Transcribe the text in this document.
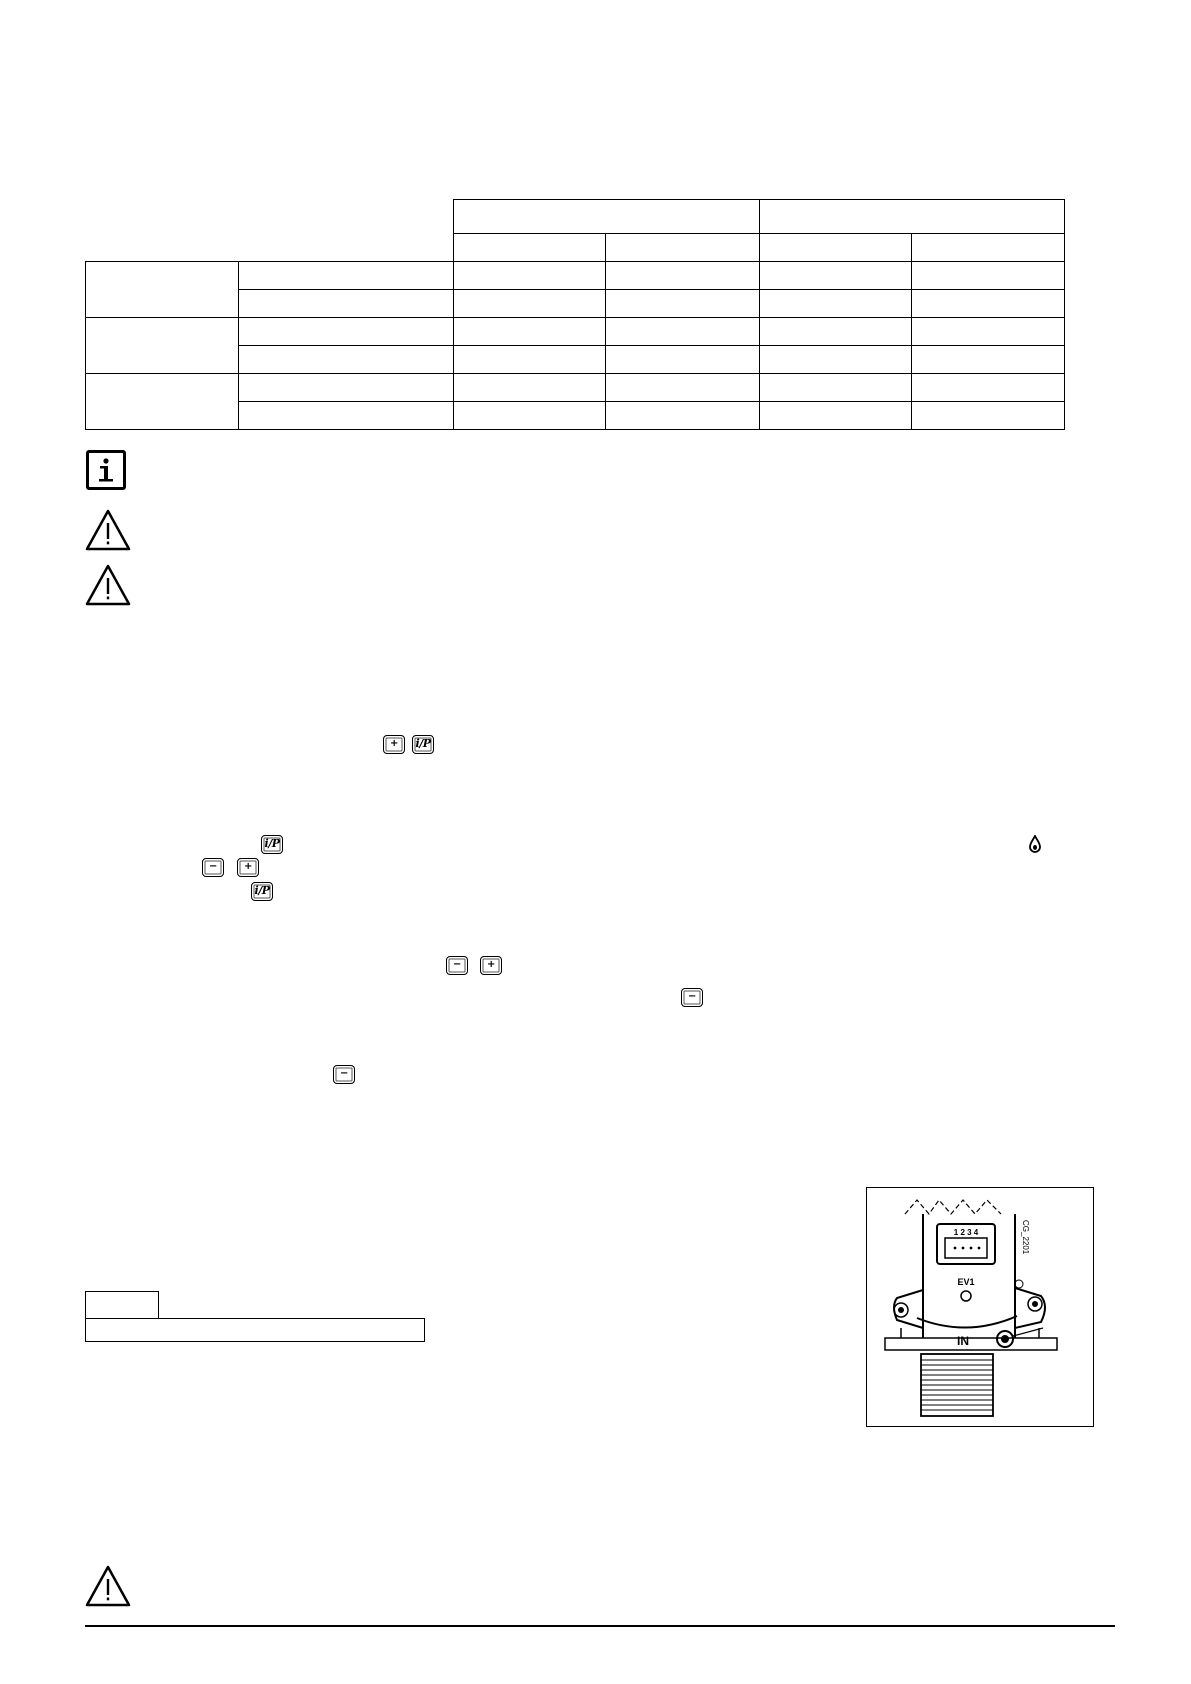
+	i/P
i/P
−	+
i/P
−	+
−
−
1 2 3 4
EV1
IN
CG_2201
